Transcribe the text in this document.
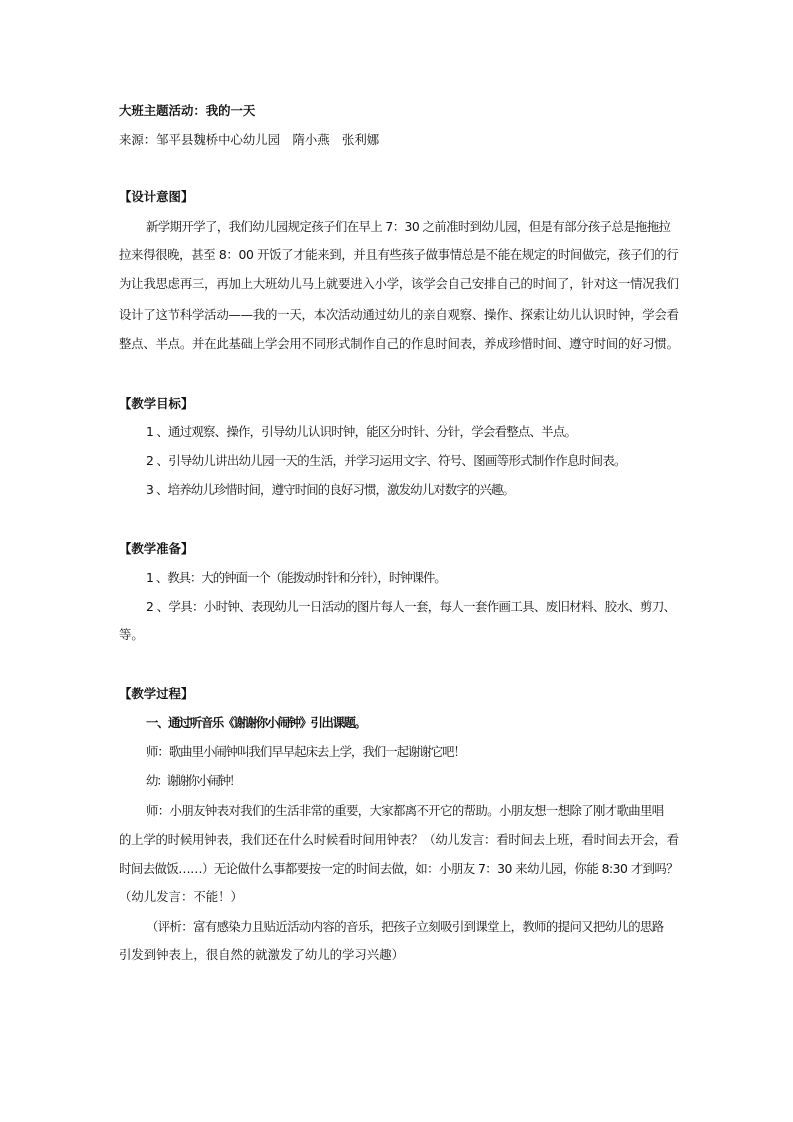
大班主题活动：我的一天
来源：邹平县魏桥中心幼儿园　隋小燕　张利娜
【设计意图】
新学期开学了，我们幼儿园规定孩子们在早上 7：30 之前准时到幼儿园，但是有部分孩子总是拖拖拉
拉来得很晚，甚至 8：00 开饭了才能来到，并且有些孩子做事情总是不能在规定的时间做完，孩子们的行
为让我思虑再三，再加上大班幼儿马上就要进入小学，该学会自己安排自己的时间了，针对这一情况我们
设计了这节科学活动——我的一天，本次活动通过幼儿的亲自观察、操作、探索让幼儿认识时钟，学会看
整点、半点。并在此基础上学会用不同形式制作自己的作息时间表，养成珍惜时间、遵守时间的好习惯。
【教学目标】
1 、通过观察、操作，引导幼儿认识时钟，能区分时针、分针，学会看整点、半点。
2 、引导幼儿讲出幼儿园一天的生活，并学习运用文字、符号、图画等形式制作作息时间表。
3 、培养幼儿珍惜时间，遵守时间的良好习惯，激发幼儿对数字的兴趣。
【教学准备】
1 、教具：大的钟面一个（能拨动时针和分针），时钟课件。
2 、学具：小时钟、表现幼儿一日活动的图片每人一套，每人一套作画工具、废旧材料、胶水、剪刀、
等。
【教学过程】
一、通过听音乐《谢谢你小闹钟》引出课题。
师：歌曲里小闹钟叫我们早早起床去上学，我们一起谢谢它吧！
幼：谢谢你小闹钟！
师：小朋友钟表对我们的生活非常的重要，大家都离不开它的帮助。小朋友想一想除了刚才歌曲里唱
的上学的时候用钟表，我们还在什么时候看时间用钟表？（幼儿发言：看时间去上班，看时间去开会，看
时间去做饭……）无论做什么事都要按一定的时间去做，如：小朋友 7：30 来幼儿园，你能 8:30 才到吗？
（幼儿发言：不能！）
（评析：富有感染力且贴近活动内容的音乐，把孩子立刻吸引到课堂上，教师的提问又把幼儿的思路
引发到钟表上，很自然的就激发了幼儿的学习兴趣）
